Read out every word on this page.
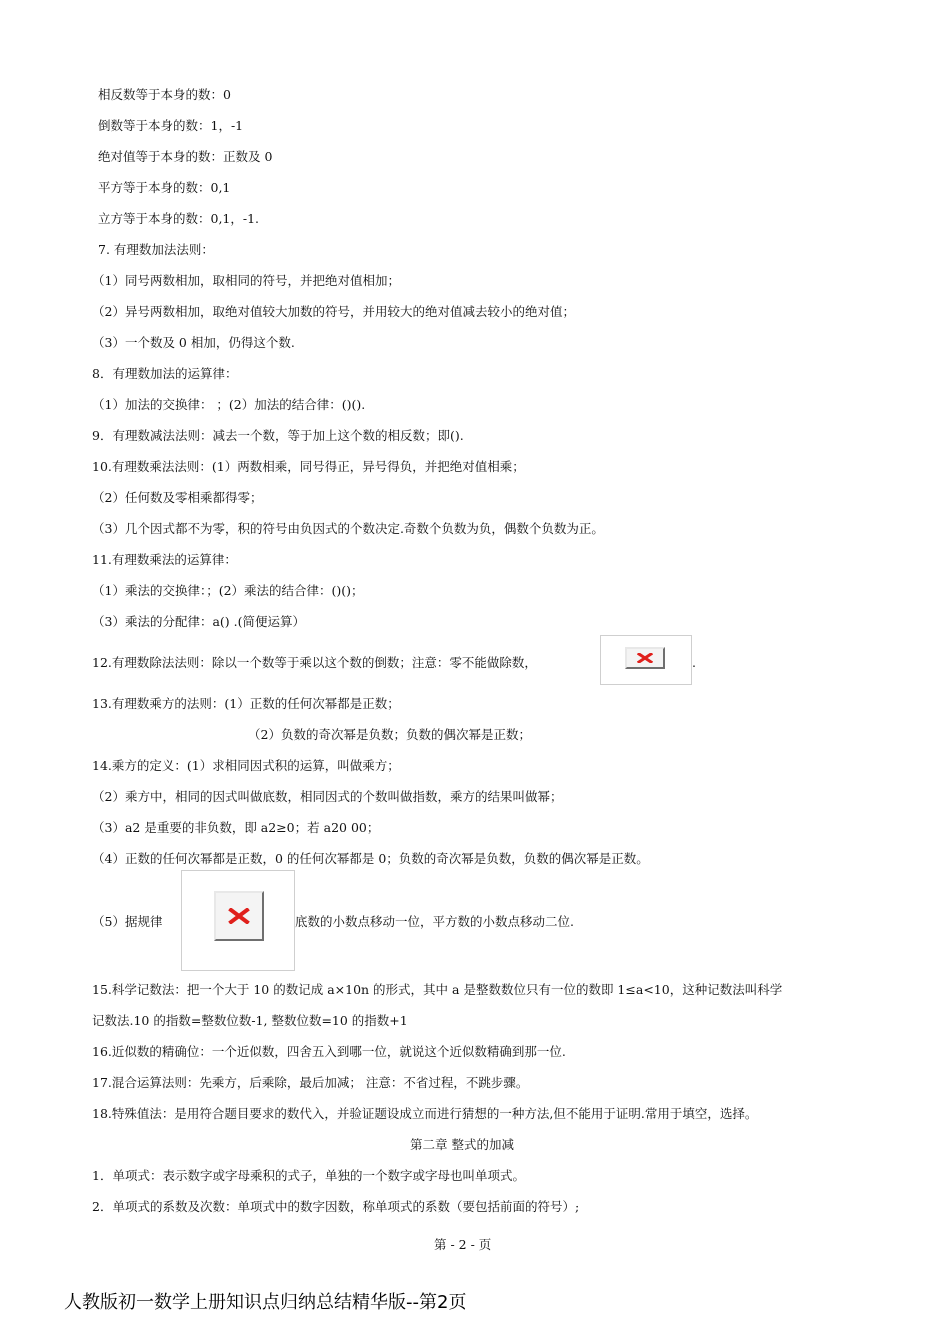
相反数等于本身的数：0
倒数等于本身的数：1，-1
绝对值等于本身的数：正数及 0
平方等于本身的数：0,1
立方等于本身的数：0,1，-1.
7. 有理数加法法则：
（1）同号两数相加，取相同的符号，并把绝对值相加；
（2）异号两数相加，取绝对值较大加数的符号，并用较大的绝对值减去较小的绝对值；
（3）一个数及 0 相加，仍得这个数.
8．有理数加法的运算律：
（1）加法的交换律： ；(2）加法的结合律：()().
9．有理数减法法则：减去一个数，等于加上这个数的相反数；即().
10.有理数乘法法则：(1）两数相乘，同号得正，异号得负，并把绝对值相乘；
（2）任何数及零相乘都得零；
（3）几个因式都不为零，积的符号由负因式的个数决定.奇数个负数为负，偶数个负数为正。
11.有理数乘法的运算律：
（1）乘法的交换律：；(2）乘法的结合律：()()；
（3）乘法的分配律：a() .(简便运算）
12.有理数除法法则：除以一个数等于乘以这个数的倒数；注意：零不能做除数，	.
13.有理数乘方的法则：(1）正数的任何次幂都是正数；
（2）负数的奇次幂是负数；负数的偶次幂是正数；
14.乘方的定义：(1）求相同因式积的运算，叫做乘方；
（2）乘方中，相同的因式叫做底数，相同因式的个数叫做指数，乘方的结果叫做幂；
（3）a2 是重要的非负数，即 a2≥0；若 a20 00；
（4）正数的任何次幂都是正数，0 的任何次幂都是 0；负数的奇次幂是负数，负数的偶次幂是正数。
（5）据规律	底数的小数点移动一位，平方数的小数点移动二位.
15.科学记数法：把一个大于 10 的数记成 a×10n 的形式，其中 a 是整数数位只有一位的数即 1≤a<10，这种记数法叫科学
记数法.10 的指数=整数位数-1, 整数位数=10 的指数+1
16.近似数的精确位：一个近似数，四舍五入到哪一位，就说这个近似数精确到那一位.
17.混合运算法则：先乘方，后乘除，最后加减； 注意：不省过程，不跳步骤。
18.特殊值法：是用符合题目要求的数代入，并验证题设成立而进行猜想的一种方法,但不能用于证明.常用于填空，选择。
第二章 整式的加减
1．单项式：表示数字或字母乘积的式子，单独的一个数字或字母也叫单项式。
2．单项式的系数及次数：单项式中的数字因数，称单项式的系数（要包括前面的符号）;
第 - 2 - 页
人教版初一数学上册知识点归纳总结精华版--第2页
